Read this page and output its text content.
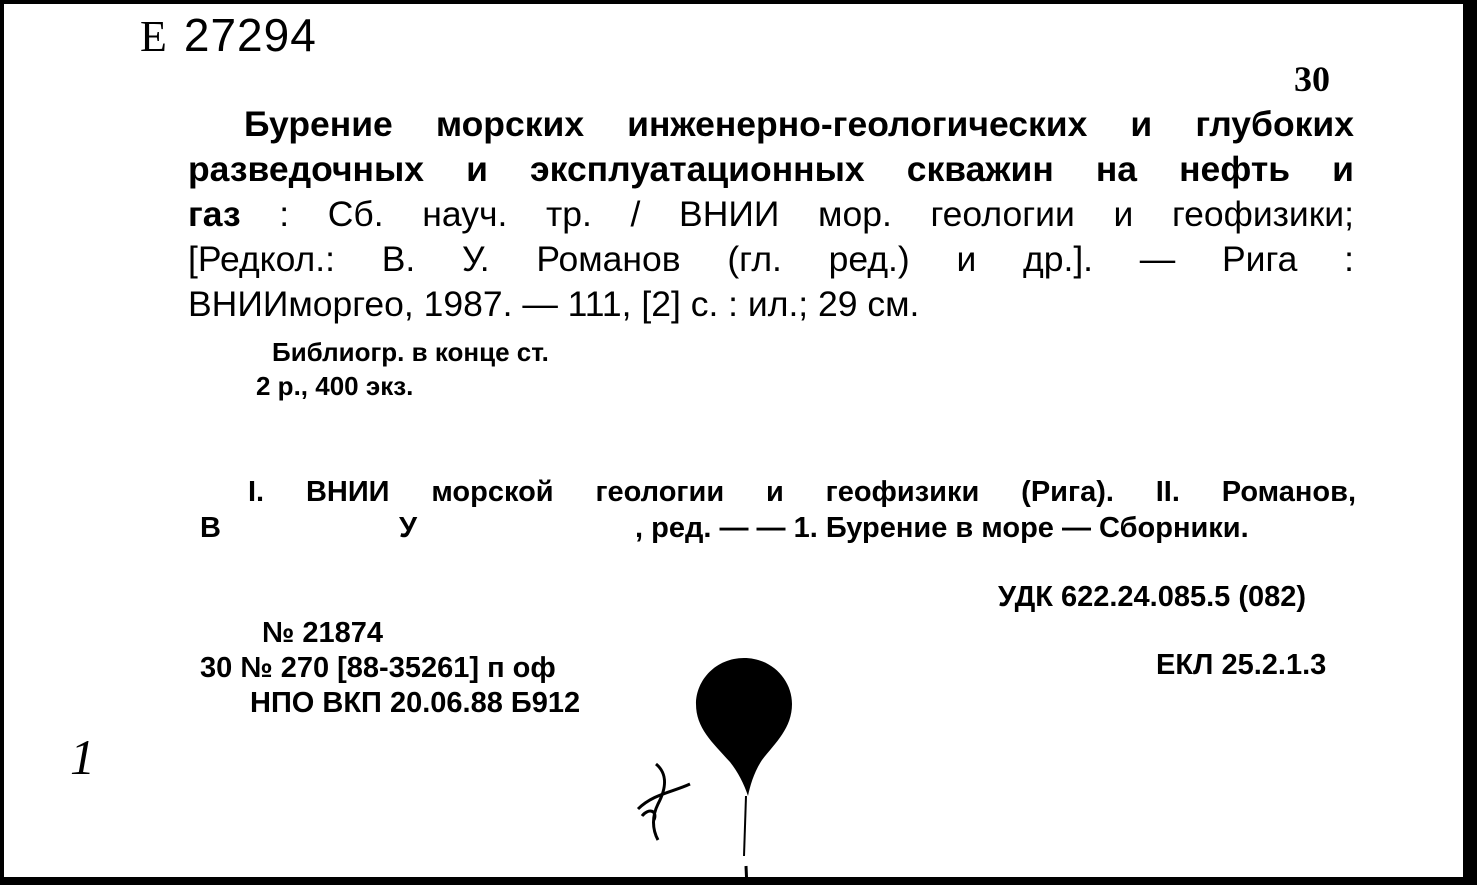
Е 27294
30
Бурение морских инженерно-геологических и глубоких
разведочных и эксплуатационных скважин на нефть и
газ : Сб. науч. тр. / ВНИИ мор. геологии и геофизики;
[Редкол.: В. У. Романов (гл. ред.) и др.]. — Рига :
ВНИИморгео, 1987. — 111, [2] с. : ил.; 29 см.
Библиогр. в конце ст.
2 р., 400 экз.
I. ВНИИ морской геологии и геофизики (Рига). II. Романов,
В	У	, ред. — — 1. Бурение в море — Сборники.
УДК 622.24.085.5 (082)
ЕКЛ 25.2.1.3
№ 21874
30 № 270 [88-35261] п оф
НПО ВКП 20.06.88 Б912
1
